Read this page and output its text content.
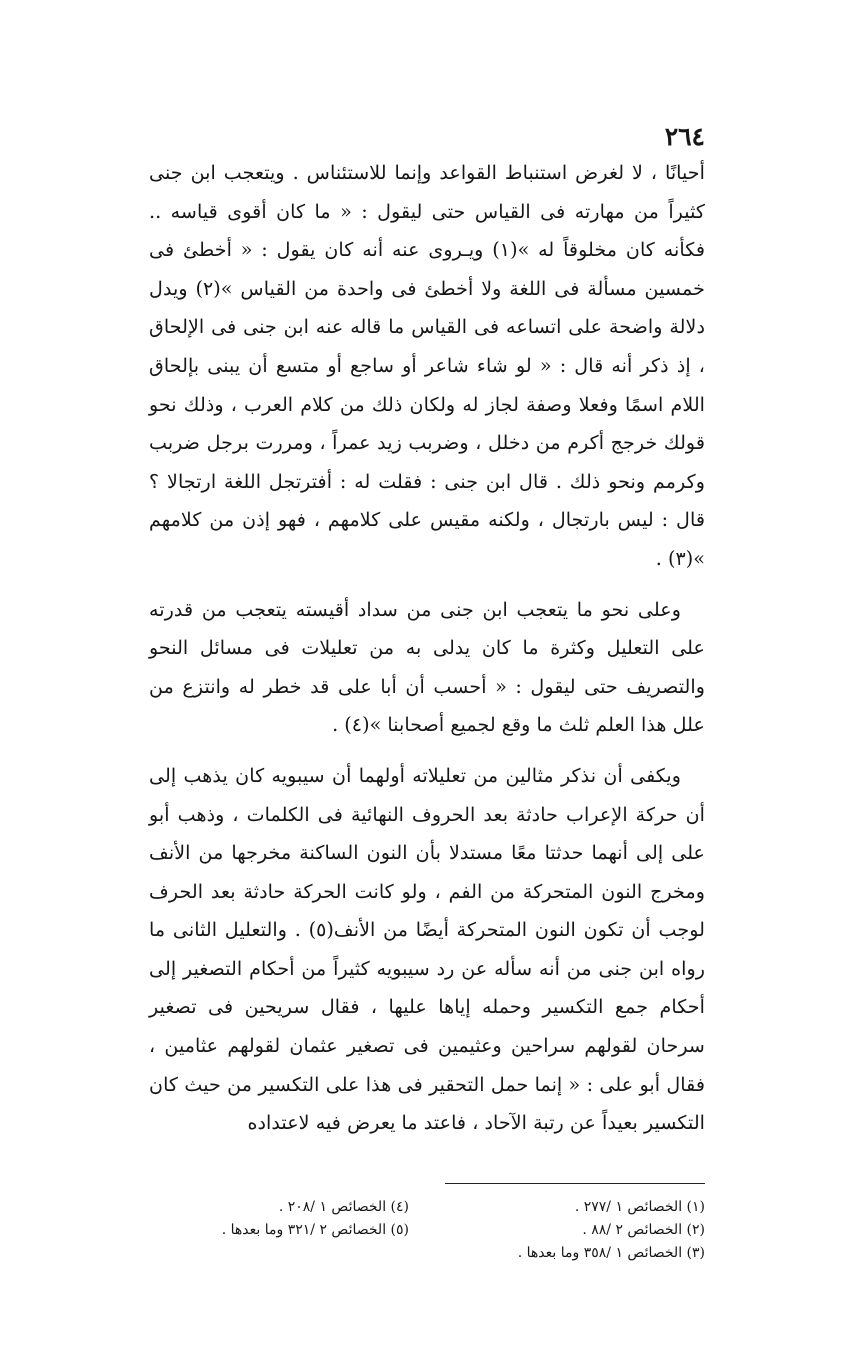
٢٦٤

أحيانًا ، لا لغرض استنباط القواعد وإنما للاستئناس . ويتعجب ابن جنى كثيراً من مهارته فى القياس حتى ليقول : « ما كان أقوى قياسه .. فكأنه كان مخلوقاً له »(١) ويـروى عنه أنه كان يقول : « أخطئ فى خمسين مسألة فى اللغة ولا أخطئ فى واحدة من القياس »(٢) ويدل دلالة واضحة على اتساعه فى القياس ما قاله عنه ابن جنى فى الإلحاق ، إذ ذكر أنه قال : « لو شاء شاعر أو ساجع أو متسع أن يبنى بإلحاق اللام اسمًا وفعلا وصفة لجاز له ولكان ذلك من كلام العرب ، وذلك نحو قولك خرجج أكرم من دخلل ، وضربب زيد عمراً ، ومررت برجل ضربب وكرمم ونحو ذلك . قال ابن جنى : فقلت له : أفترتجل اللغة ارتجالا ؟ قال : ليس بارتجال ، ولكنه مقيس على كلامهم ، فهو إذن من كلامهم »(٣) .

وعلى نحو ما يتعجب ابن جنى من سداد أقيسته يتعجب من قدرته على التعليل وكثرة ما كان يدلى به من تعليلات فى مسائل النحو والتصريف حتى ليقول : « أحسب أن أبا على قد خطر له وانتزع من علل هذا العلم ثلث ما وقع لجميع أصحابنا »(٤) .

ويكفى أن نذكر مثالين من تعليلاته أولهما أن سيبويه كان يذهب إلى أن حركة الإعراب حادثة بعد الحروف النهائية فى الكلمات ، وذهب أبو على إلى أنهما حدثتا معًا مستدلا بأن النون الساكنة مخرجها من الأنف ومخرج النون المتحركة من الفم ، ولو كانت الحركة حادثة بعد الحرف لوجب أن تكون النون المتحركة أيضًا من الأنف(٥) . والتعليل الثانى ما رواه ابن جنى من أنه سأله عن رد سيبويه كثيراً من أحكام التصغير إلى أحكام جمع التكسير وحمله إياها عليها ، فقال سريحين فى تصغير سرحان لقولهم سراحين وعثيمين فى تصغير عثمان لقولهم عثامين ، فقال أبو على : « إنما حمل التحقير فى هذا على التكسير من حيث كان التكسير بعيداً عن رتبة الآحاد ، فاعتد ما يعرض فيه لاعتداده

(١) الخصائص ١ /٢٧٧ .
(٤) الخصائص ١ /٢٠٨ .
(٢) الخصائص ٢ /٨٨ .
(٥) الخصائص ٢ /٣٢١ وما بعدها .
(٣) الخصائص ١ /٣٥٨ وما بعدها .
